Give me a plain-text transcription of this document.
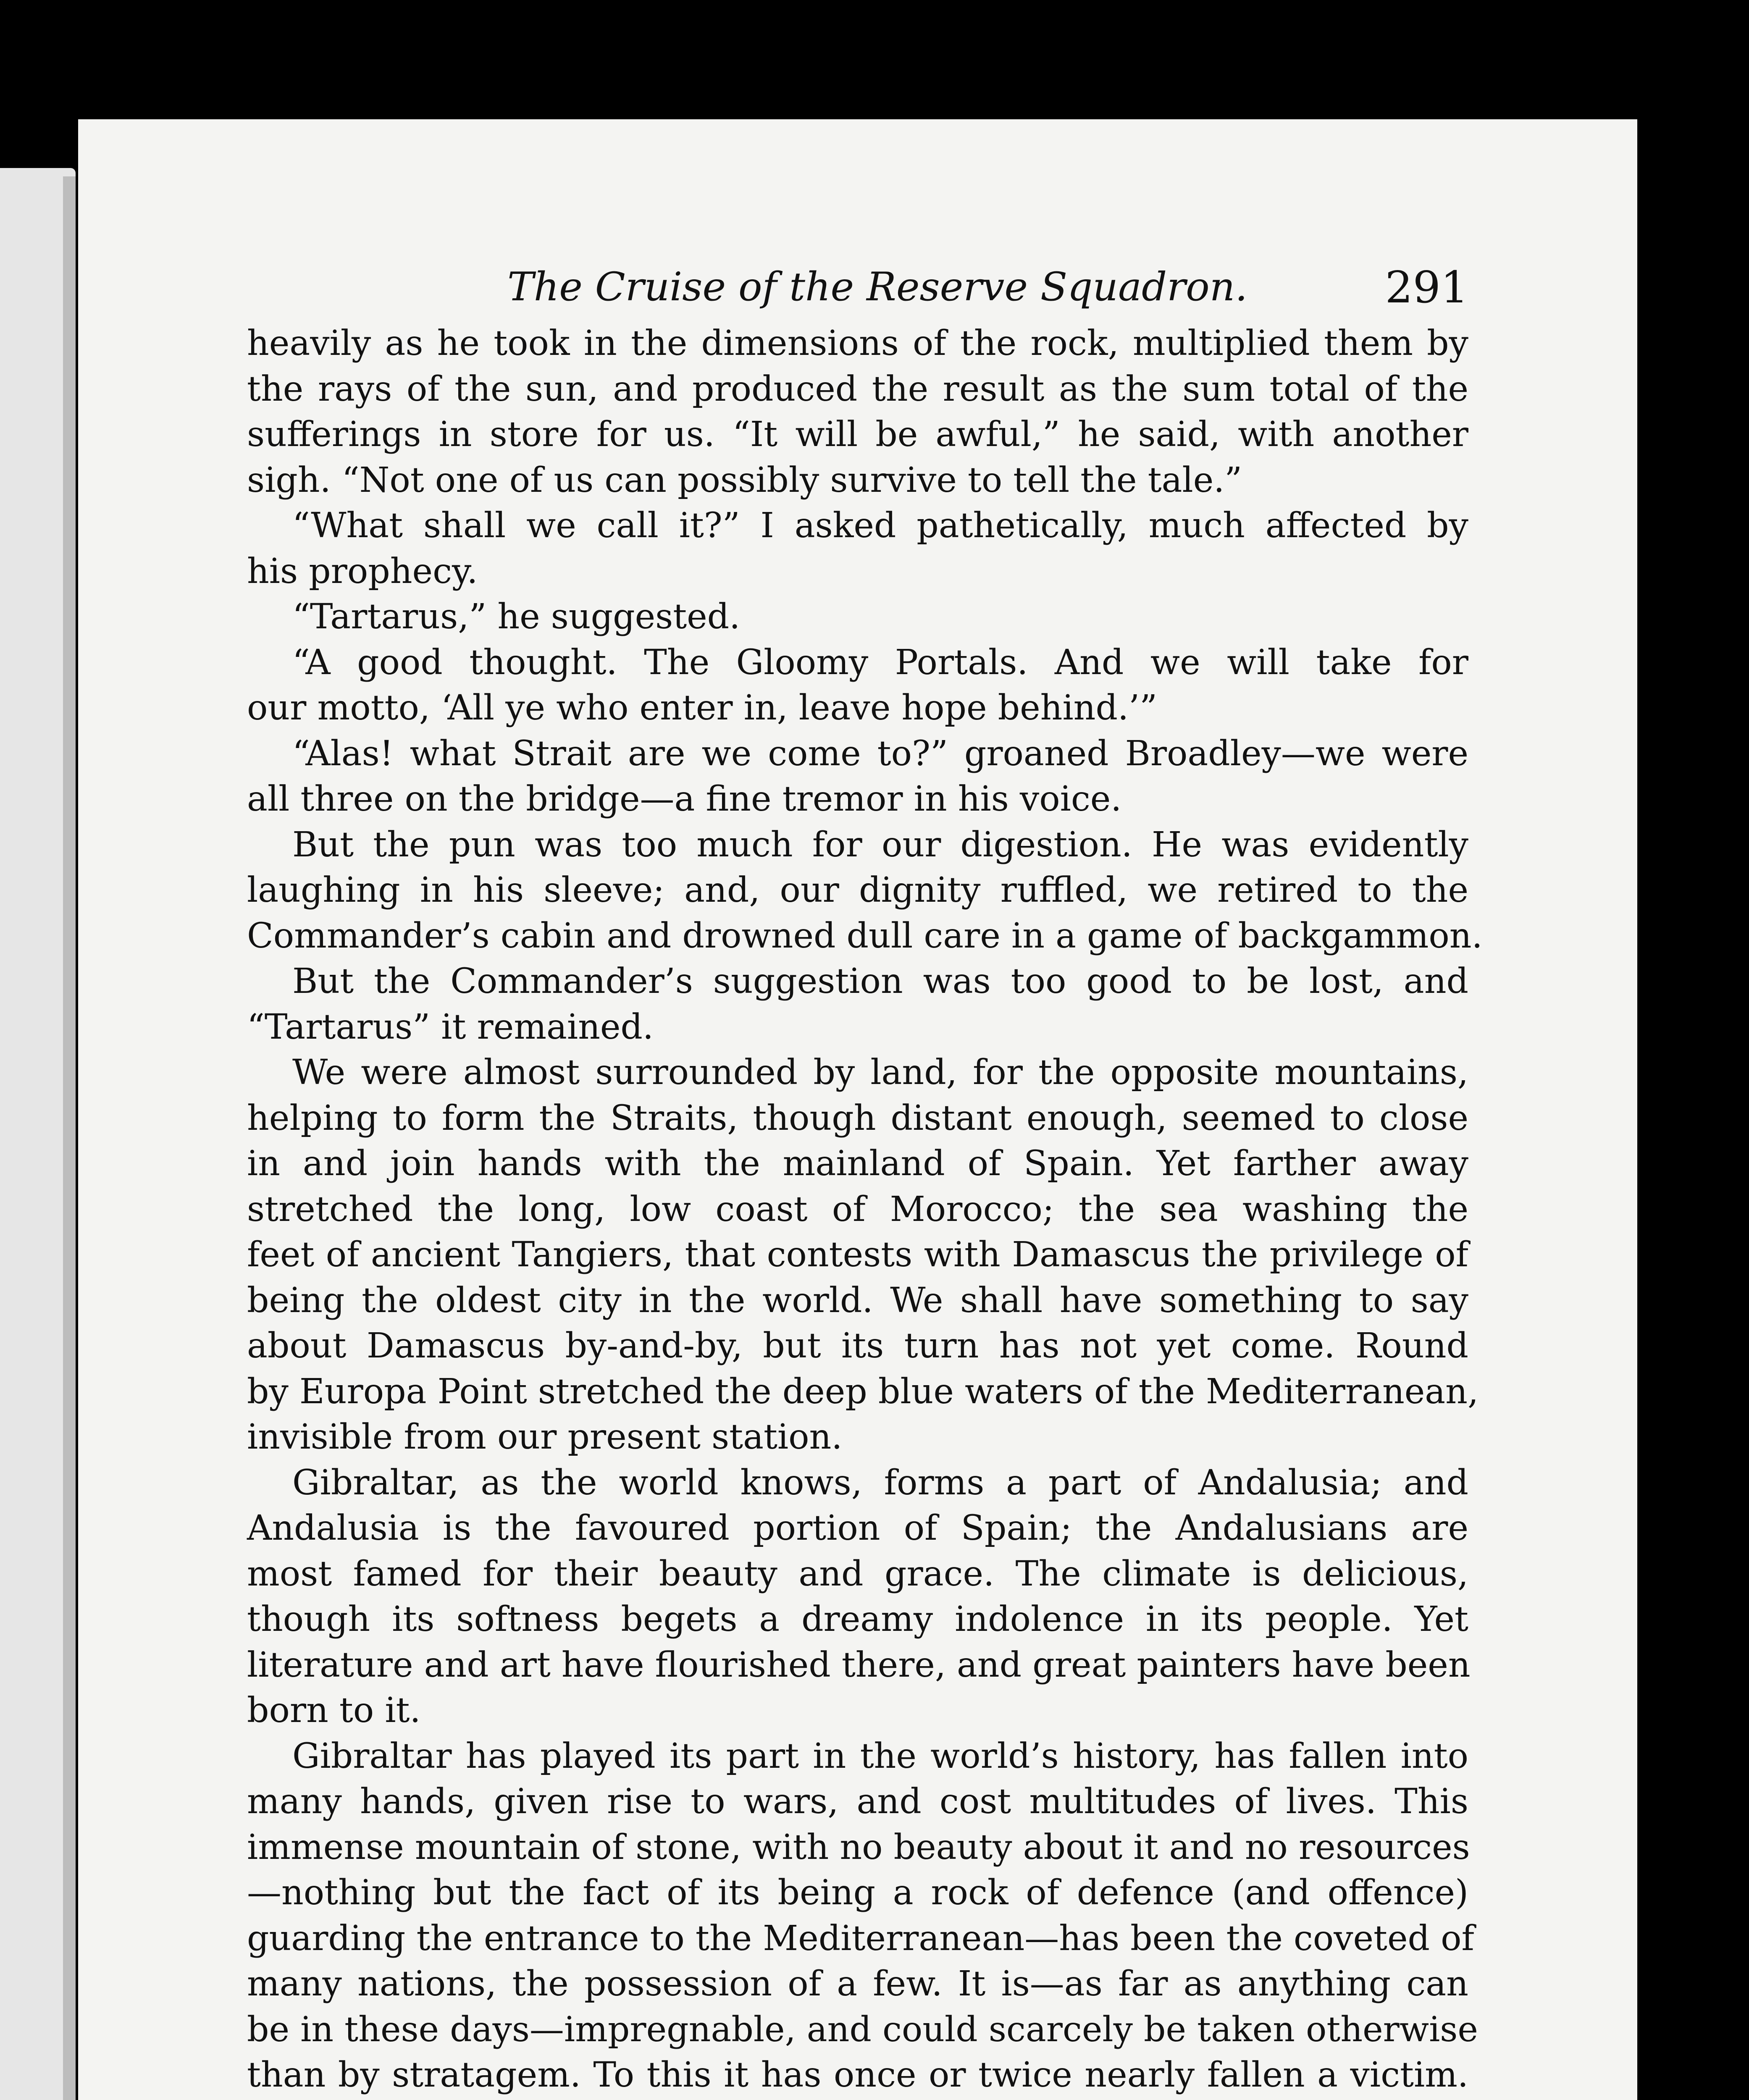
The Cruise of the Reserve Squadron.	291
heavily as he took in the dimensions of the rock, multiplied them by
the rays of the sun, and produced the result as the sum total of the
sufferings in store for us. “It will be awful,” he said, with another
sigh. “Not one of us can possibly survive to tell the tale.”
“What shall we call it?” I asked pathetically, much affected by
his prophecy.
“Tartarus,” he suggested.
“A good thought. The Gloomy Portals. And we will take for
our motto, ‘All ye who enter in, leave hope behind.’”
“Alas! what Strait are we come to?” groaned Broadley—we were
all three on the bridge—a fine tremor in his voice.
But the pun was too much for our digestion. He was evidently
laughing in his sleeve; and, our dignity ruffled, we retired to the
Commander’s cabin and drowned dull care in a game of backgammon.
But the Commander’s suggestion was too good to be lost, and
“Tartarus” it remained.
We were almost surrounded by land, for the opposite mountains,
helping to form the Straits, though distant enough, seemed to close
in and join hands with the mainland of Spain. Yet farther away
stretched the long, low coast of Morocco; the sea washing the
feet of ancient Tangiers, that contests with Damascus the privilege of
being the oldest city in the world. We shall have something to say
about Damascus by-and-by, but its turn has not yet come. Round
by Europa Point stretched the deep blue waters of the Mediterranean,
invisible from our present station.
Gibraltar, as the world knows, forms a part of Andalusia; and
Andalusia is the favoured portion of Spain; the Andalusians are
most famed for their beauty and grace. The climate is delicious,
though its softness begets a dreamy indolence in its people. Yet
literature and art have flourished there, and great painters have been
born to it.
Gibraltar has played its part in the world’s history, has fallen into
many hands, given rise to wars, and cost multitudes of lives. This
immense mountain of stone, with no beauty about it and no resources
—nothing but the fact of its being a rock of defence (and offence)
guarding the entrance to the Mediterranean—has been the coveted of
many nations, the possession of a few. It is—as far as anything can
be in these days—impregnable, and could scarcely be taken otherwise
than by stratagem. To this it has once or twice nearly fallen a victim.
